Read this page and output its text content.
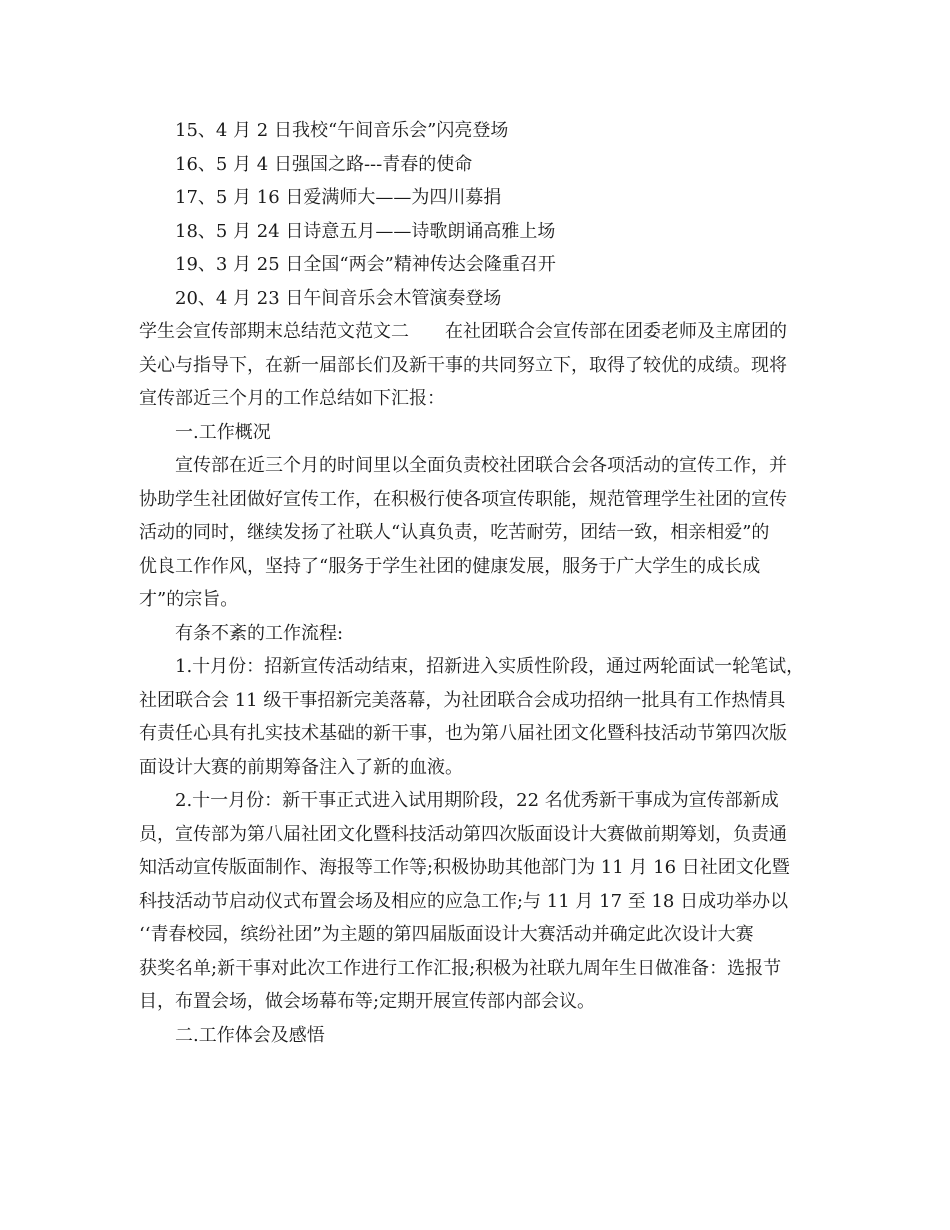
15、4 月 2 日我校“午间音乐会”闪亮登场
16、5 月 4 日强国之路---青春的使命
17、5 月 16 日爱满师大——为四川募捐
18、5 月 24 日诗意五月——诗歌朗诵高雅上场
19、3 月 25 日全国“两会”精神传达会隆重召开
20、4 月 23 日午间音乐会木管演奏登场
学生会宣传部期末总结范文范文二 在社团联合会宣传部在团委老师及主席团的
关心与指导下，在新一届部长们及新干事的共同努立下，取得了较优的成绩。现将
宣传部近三个月的工作总结如下汇报：
一.工作概况
宣传部在近三个月的时间里以全面负责校社团联合会各项活动的宣传工作，并
协助学生社团做好宣传工作，在积极行使各项宣传职能，规范管理学生社团的宣传
活动的同时，继续发扬了社联人“认真负责，吃苦耐劳，团结一致，相亲相爱”的
优良工作作风，坚持了“服务于学生社团的健康发展，服务于广大学生的成长成
才”的宗旨。
有条不紊的工作流程:
1.十月份：招新宣传活动结束，招新进入实质性阶段，通过两轮面试一轮笔试，
社团联合会 11 级干事招新完美落幕，为社团联合会成功招纳一批具有工作热情具
有责任心具有扎实技术基础的新干事，也为第八届社团文化暨科技活动节第四次版
面设计大赛的前期筹备注入了新的血液。
2.十一月份：新干事正式进入试用期阶段，22 名优秀新干事成为宣传部新成
员，宣传部为第八届社团文化暨科技活动第四次版面设计大赛做前期筹划，负责通
知活动宣传版面制作、海报等工作等;积极协助其他部门为 11 月 16 日社团文化暨
科技活动节启动仪式布置会场及相应的应急工作;与 11 月 17 至 18 日成功举办以
‘‘青春校园，缤纷社团”为主题的第四届版面设计大赛活动并确定此次设计大赛
获奖名单;新干事对此次工作进行工作汇报;积极为社联九周年生日做准备：选报节
目，布置会场，做会场幕布等;定期开展宣传部内部会议。
二.工作体会及感悟
